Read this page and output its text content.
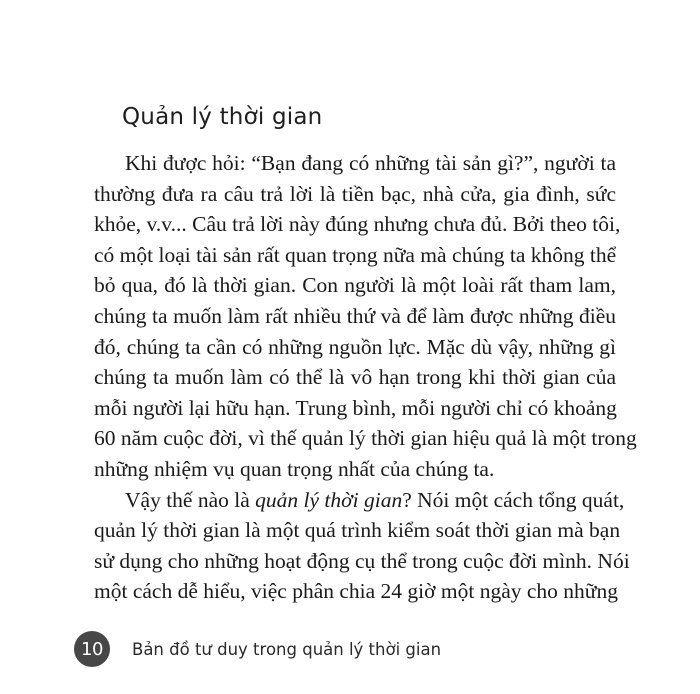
Quản lý thời gian

Khi được hỏi: “Bạn đang có những tài sản gì?”, người ta
thường đưa ra câu trả lời là tiền bạc, nhà cửa, gia đình, sức
khỏe, v.v... Câu trả lời này đúng nhưng chưa đủ. Bởi theo tôi,
có một loại tài sản rất quan trọng nữa mà chúng ta không thể
bỏ qua, đó là thời gian. Con người là một loài rất tham lam,
chúng ta muốn làm rất nhiều thứ và để làm được những điều
đó, chúng ta cần có những nguồn lực. Mặc dù vậy, những gì
chúng ta muốn làm có thể là vô hạn trong khi thời gian của
mỗi người lại hữu hạn. Trung bình, mỗi người chỉ có khoảng
60 năm cuộc đời, vì thế quản lý thời gian hiệu quả là một trong
những nhiệm vụ quan trọng nhất của chúng ta.

Vậy thế nào là quản lý thời gian? Nói một cách tổng quát,
quản lý thời gian là một quá trình kiểm soát thời gian mà bạn
sử dụng cho những hoạt động cụ thể trong cuộc đời mình. Nói
một cách dễ hiểu, việc phân chia 24 giờ một ngày cho những

10	Bản đồ tư duy trong quản lý thời gian
